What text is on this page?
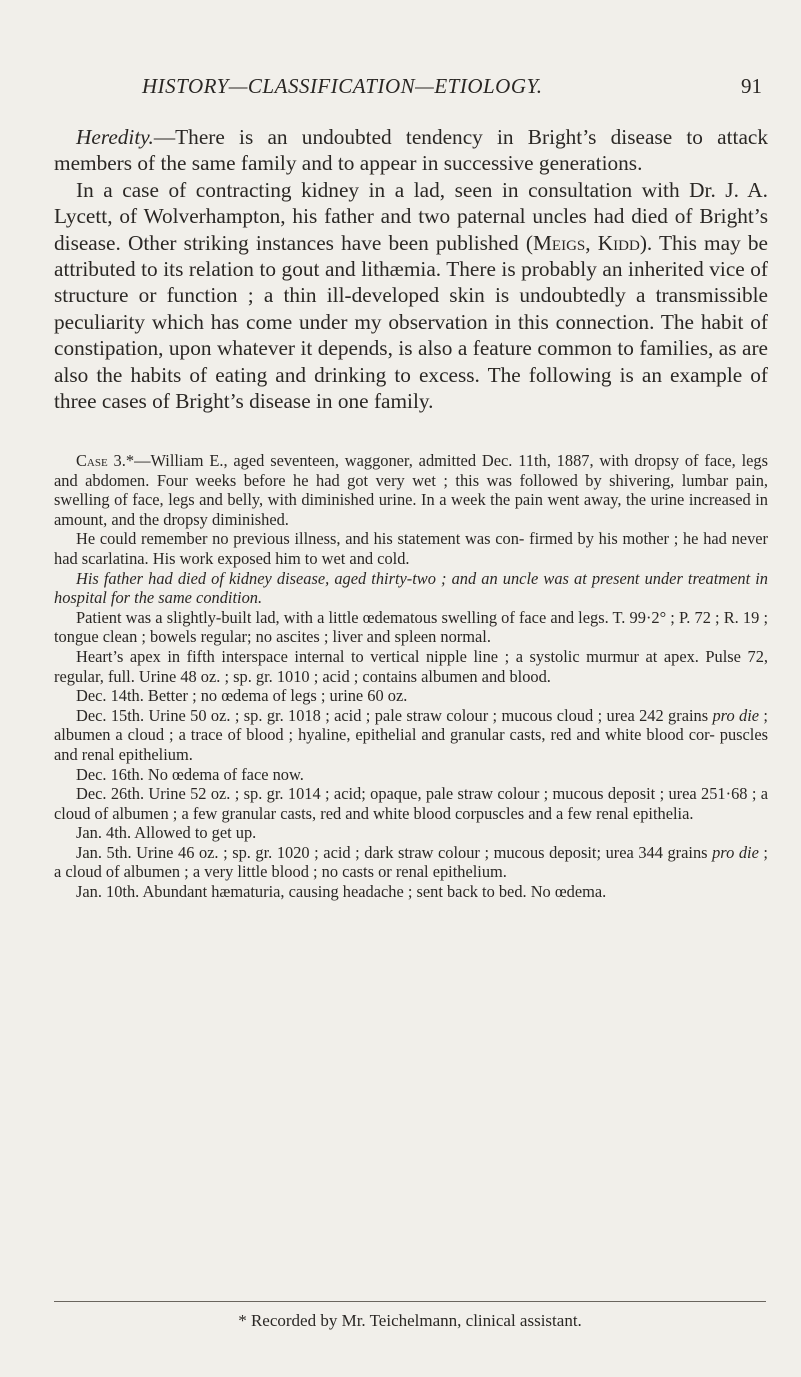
HISTORY—CLASSIFICATION—ETIOLOGY.	91

Heredity.—There is an undoubted tendency in Bright’s disease to attack members of the same family and to appear in successive generations.

In a case of contracting kidney in a lad, seen in consultation with Dr. J. A. Lycett, of Wolverhampton, his father and two paternal uncles had died of Bright’s disease. Other striking instances have been published (Meigs, Kidd). This may be attributed to its relation to gout and lithæmia. There is probably an inherited vice of structure or function ; a thin ill-developed skin is undoubtedly a transmissible peculiarity which has come under my observation in this connection. The habit of constipation, upon whatever it depends, is also a feature common to families, as are also the habits of eating and drinking to excess. The following is an example of three cases of Bright’s disease in one family.

Case 3.*—William E., aged seventeen, waggoner, admitted Dec. 11th, 1887, with dropsy of face, legs and abdomen. Four weeks before he had got very wet ; this was followed by shivering, lumbar pain, swelling of face, legs and belly, with diminished urine. In a week the pain went away, the urine increased in amount, and the dropsy diminished.

He could remember no previous illness, and his statement was con- firmed by his mother ; he had never had scarlatina. His work exposed him to wet and cold.

His father had died of kidney disease, aged thirty-two ; and an uncle was at present under treatment in hospital for the same condition.

Patient was a slightly-built lad, with a little œdematous swelling of face and legs. T. 99·2° ; P. 72 ; R. 19 ; tongue clean ; bowels regular; no ascites ; liver and spleen normal.

Heart’s apex in fifth interspace internal to vertical nipple line ; a systolic murmur at apex. Pulse 72, regular, full. Urine 48 oz. ; sp. gr. 1010 ; acid ; contains albumen and blood.

Dec. 14th. Better ; no œdema of legs ; urine 60 oz.

Dec. 15th. Urine 50 oz. ; sp. gr. 1018 ; acid ; pale straw colour ; mucous cloud ; urea 242 grains pro die ; albumen a cloud ; a trace of blood ; hyaline, epithelial and granular casts, red and white blood cor- puscles and renal epithelium.

Dec. 16th. No œdema of face now.

Dec. 26th. Urine 52 oz. ; sp. gr. 1014 ; acid; opaque, pale straw colour ; mucous deposit ; urea 251·68 ; a cloud of albumen ; a few granular casts, red and white blood corpuscles and a few renal epithelia.

Jan. 4th. Allowed to get up.

Jan. 5th. Urine 46 oz. ; sp. gr. 1020 ; acid ; dark straw colour ; mucous deposit; urea 344 grains pro die ; a cloud of albumen ; a very little blood ; no casts or renal epithelium.

Jan. 10th. Abundant hæmaturia, causing headache ; sent back to bed. No œdema.

* Recorded by Mr. Teichelmann, clinical assistant.
